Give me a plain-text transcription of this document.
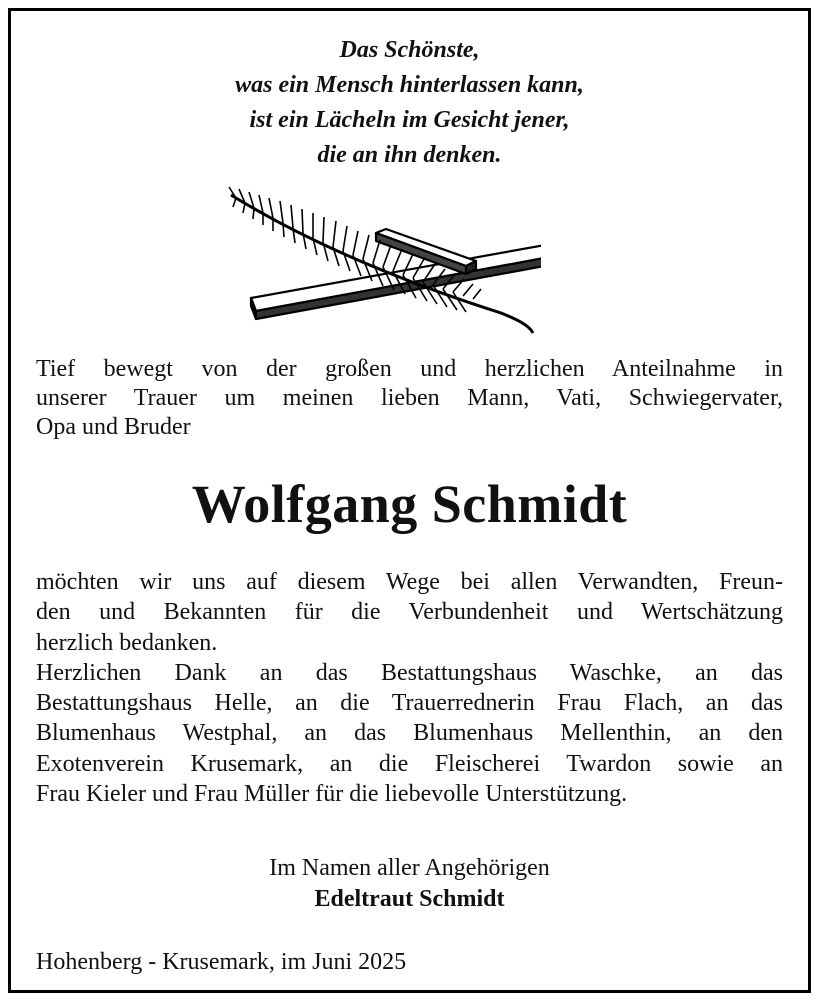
Das Schönste,
was ein Mensch hinterlassen kann,
ist ein Lächeln im Gesicht jener,
die an ihn denken.
Tief bewegt von der großen und herzlichen Anteilnahme in
unserer Trauer um meinen lieben Mann, Vati, Schwiegervater,
Opa und Bruder
Wolfgang Schmidt
möchten wir uns auf diesem Wege bei allen Verwandten, Freun-
den und Bekannten für die Verbundenheit und Wertschätzung
herzlich bedanken.
Herzlichen Dank an das Bestattungshaus Waschke, an das
Bestattungshaus Helle, an die Trauerrednerin Frau Flach, an das
Blumenhaus Westphal, an das Blumenhaus Mellenthin, an den
Exotenverein Krusemark, an die Fleischerei Twardon sowie an
Frau Kieler und Frau Müller für die liebevolle Unterstützung.
Im Namen aller Angehörigen
Edeltraut Schmidt
Hohenberg - Krusemark, im Juni 2025
